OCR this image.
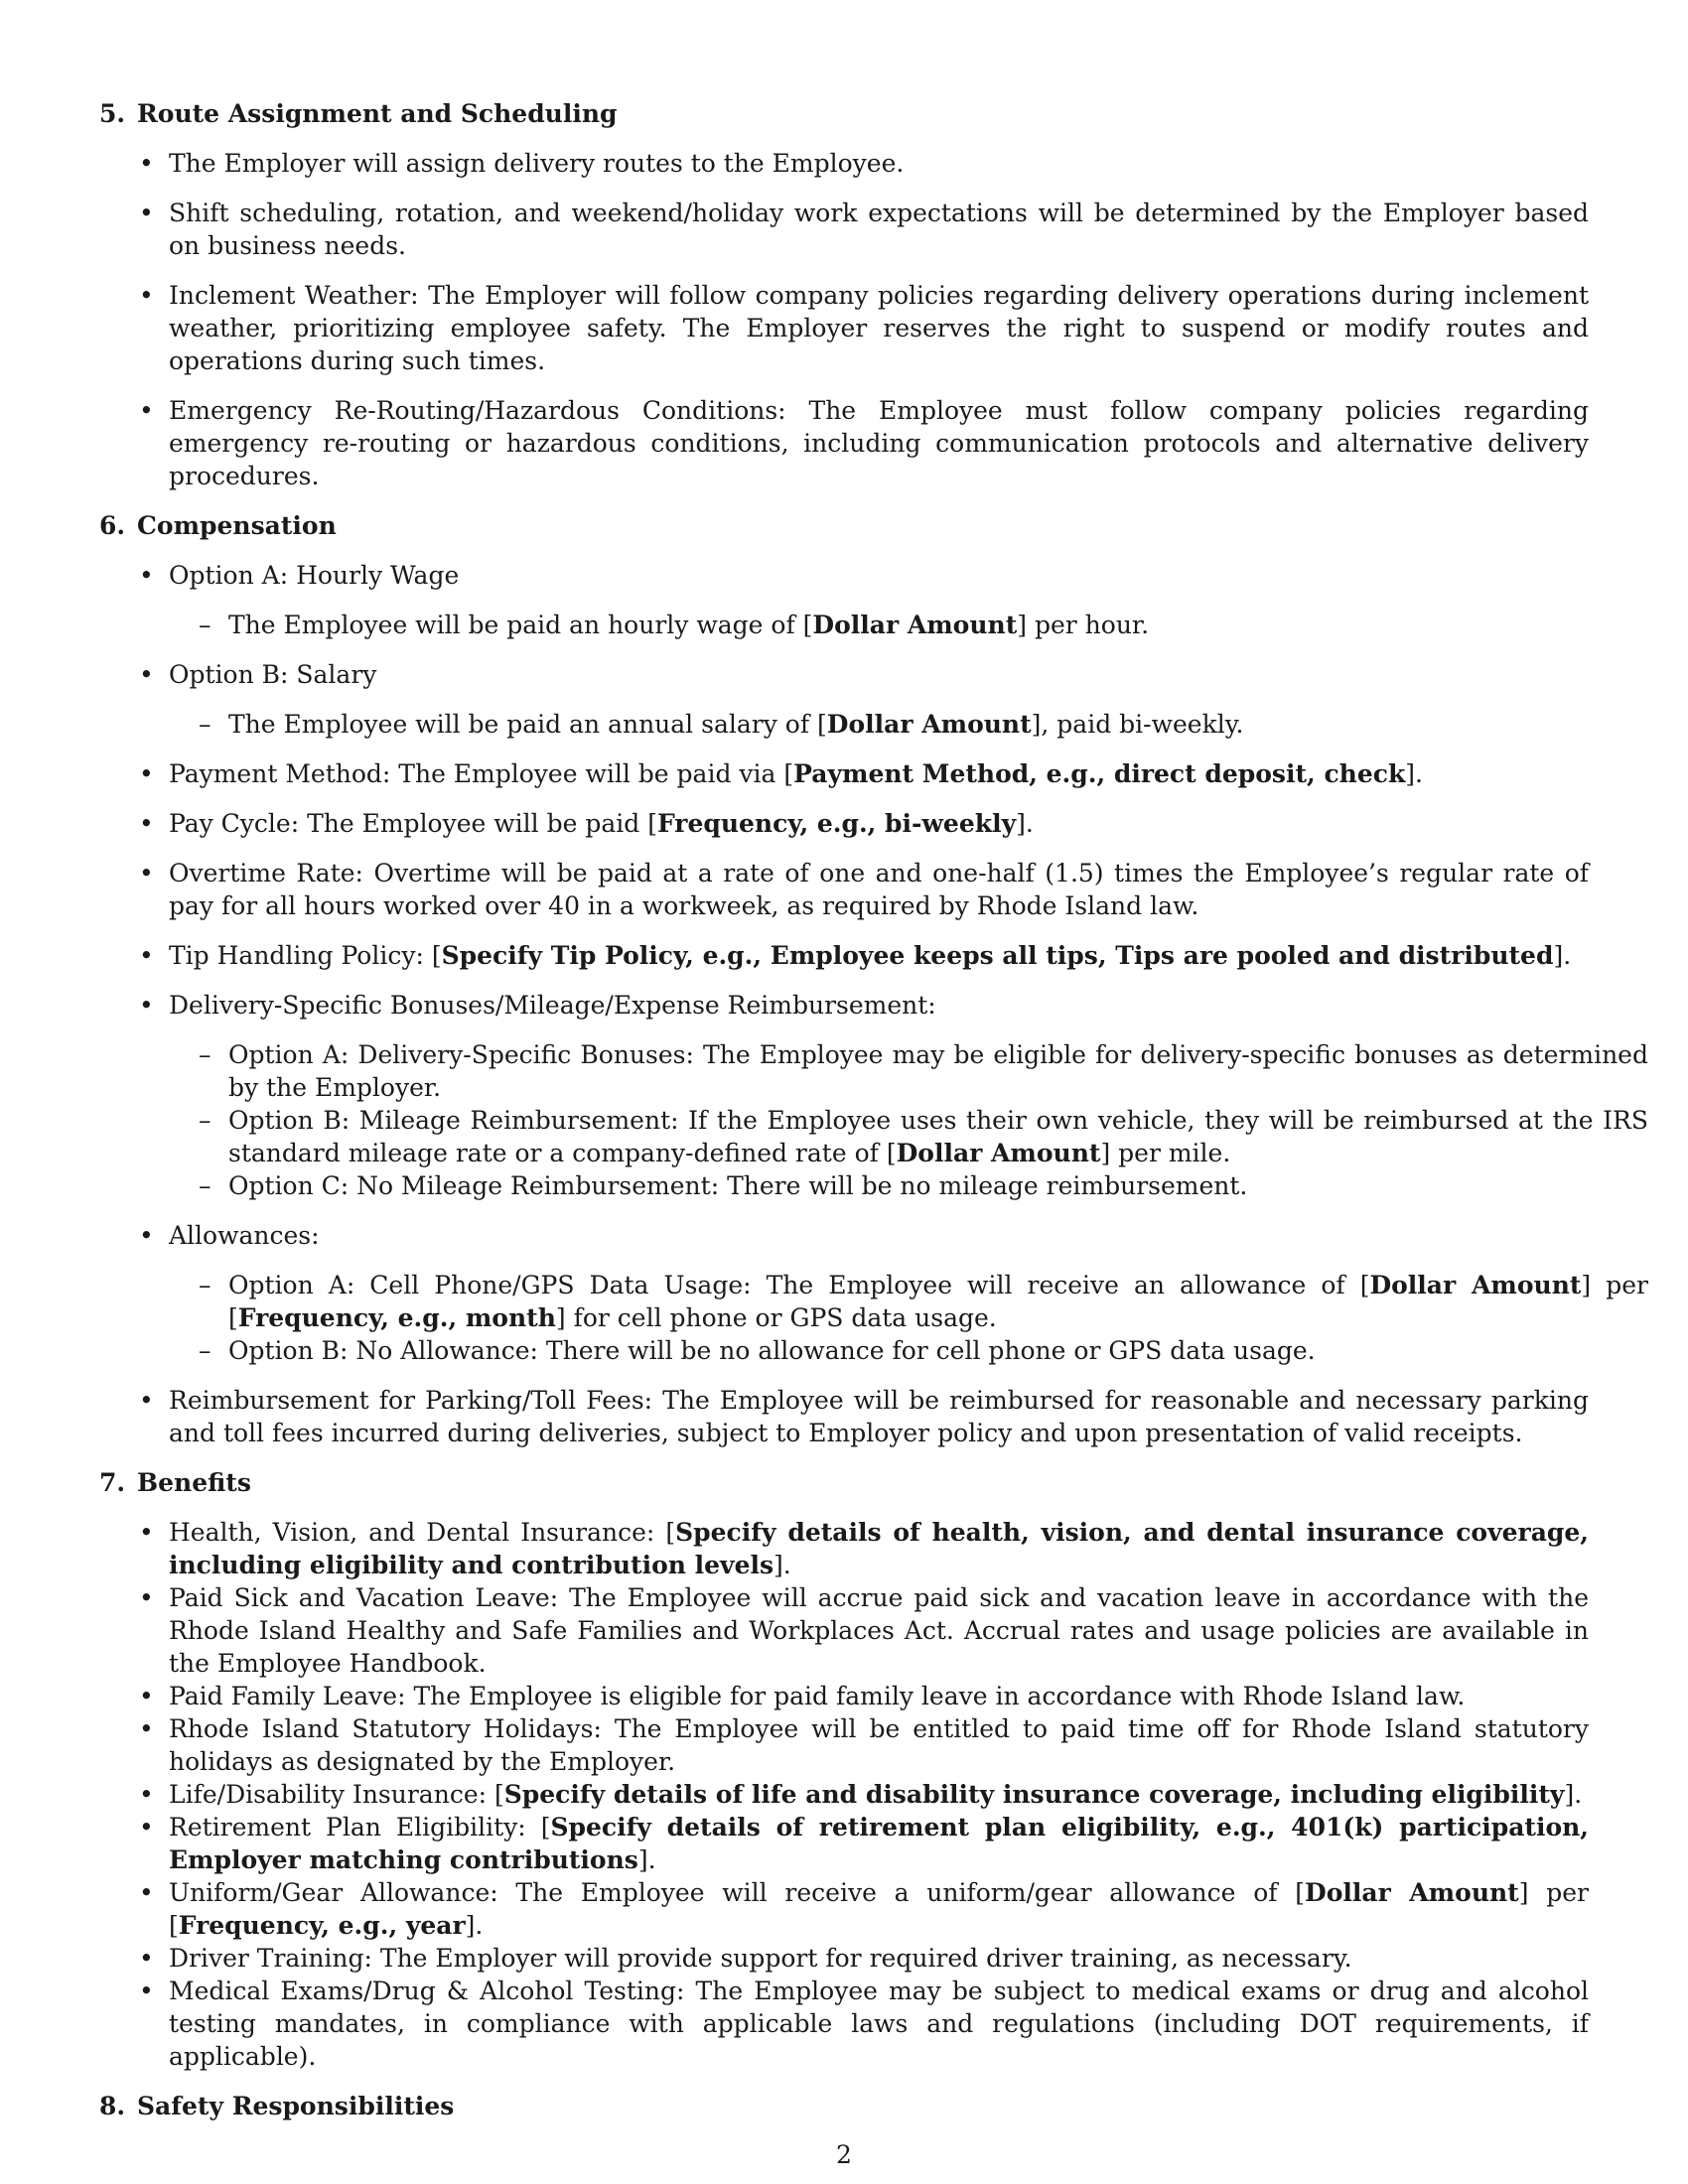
5. Route Assignment and Scheduling
• The Employer will assign delivery routes to the Employee.
• Shift scheduling, rotation, and weekend/holiday work expectations will be determined by the Employer based on business needs.
• Inclement Weather: The Employer will follow company policies regarding delivery operations during inclement weather, prioritizing employee safety. The Employer reserves the right to suspend or modify routes and operations during such times.
• Emergency Re-Routing/Hazardous Conditions: The Employee must follow company policies regarding emergency re-routing or hazardous conditions, including communication protocols and alternative delivery procedures.
6. Compensation
• Option A: Hourly Wage
– The Employee will be paid an hourly wage of [Dollar Amount] per hour.
• Option B: Salary
– The Employee will be paid an annual salary of [Dollar Amount], paid bi-weekly.
• Payment Method: The Employee will be paid via [Payment Method, e.g., direct deposit, check].
• Pay Cycle: The Employee will be paid [Frequency, e.g., bi-weekly].
• Overtime Rate: Overtime will be paid at a rate of one and one-half (1.5) times the Employee’s regular rate of pay for all hours worked over 40 in a workweek, as required by Rhode Island law.
• Tip Handling Policy: [Specify Tip Policy, e.g., Employee keeps all tips, Tips are pooled and distributed].
• Delivery-Specific Bonuses/Mileage/Expense Reimbursement:
– Option A: Delivery-Specific Bonuses: The Employee may be eligible for delivery-specific bonuses as determined by the Employer.
– Option B: Mileage Reimbursement: If the Employee uses their own vehicle, they will be reimbursed at the IRS standard mileage rate or a company-defined rate of [Dollar Amount] per mile.
– Option C: No Mileage Reimbursement: There will be no mileage reimbursement.
• Allowances:
– Option A: Cell Phone/GPS Data Usage: The Employee will receive an allowance of [Dollar Amount] per [Frequency, e.g., month] for cell phone or GPS data usage.
– Option B: No Allowance: There will be no allowance for cell phone or GPS data usage.
• Reimbursement for Parking/Toll Fees: The Employee will be reimbursed for reasonable and necessary parking and toll fees incurred during deliveries, subject to Employer policy and upon presentation of valid receipts.
7. Benefits
• Health, Vision, and Dental Insurance: [Specify details of health, vision, and dental insurance coverage, including eligibility and contribution levels].
• Paid Sick and Vacation Leave: The Employee will accrue paid sick and vacation leave in accordance with the Rhode Island Healthy and Safe Families and Workplaces Act. Accrual rates and usage policies are available in the Employee Handbook.
• Paid Family Leave: The Employee is eligible for paid family leave in accordance with Rhode Island law.
• Rhode Island Statutory Holidays: The Employee will be entitled to paid time off for Rhode Island statutory holidays as designated by the Employer.
• Life/Disability Insurance: [Specify details of life and disability insurance coverage, including eligibility].
• Retirement Plan Eligibility: [Specify details of retirement plan eligibility, e.g., 401(k) participation, Employer matching contributions].
• Uniform/Gear Allowance: The Employee will receive a uniform/gear allowance of [Dollar Amount] per [Frequency, e.g., year].
• Driver Training: The Employer will provide support for required driver training, as necessary.
• Medical Exams/Drug & Alcohol Testing: The Employee may be subject to medical exams or drug and alcohol testing mandates, in compliance with applicable laws and regulations (including DOT requirements, if applicable).
8. Safety Responsibilities
2
